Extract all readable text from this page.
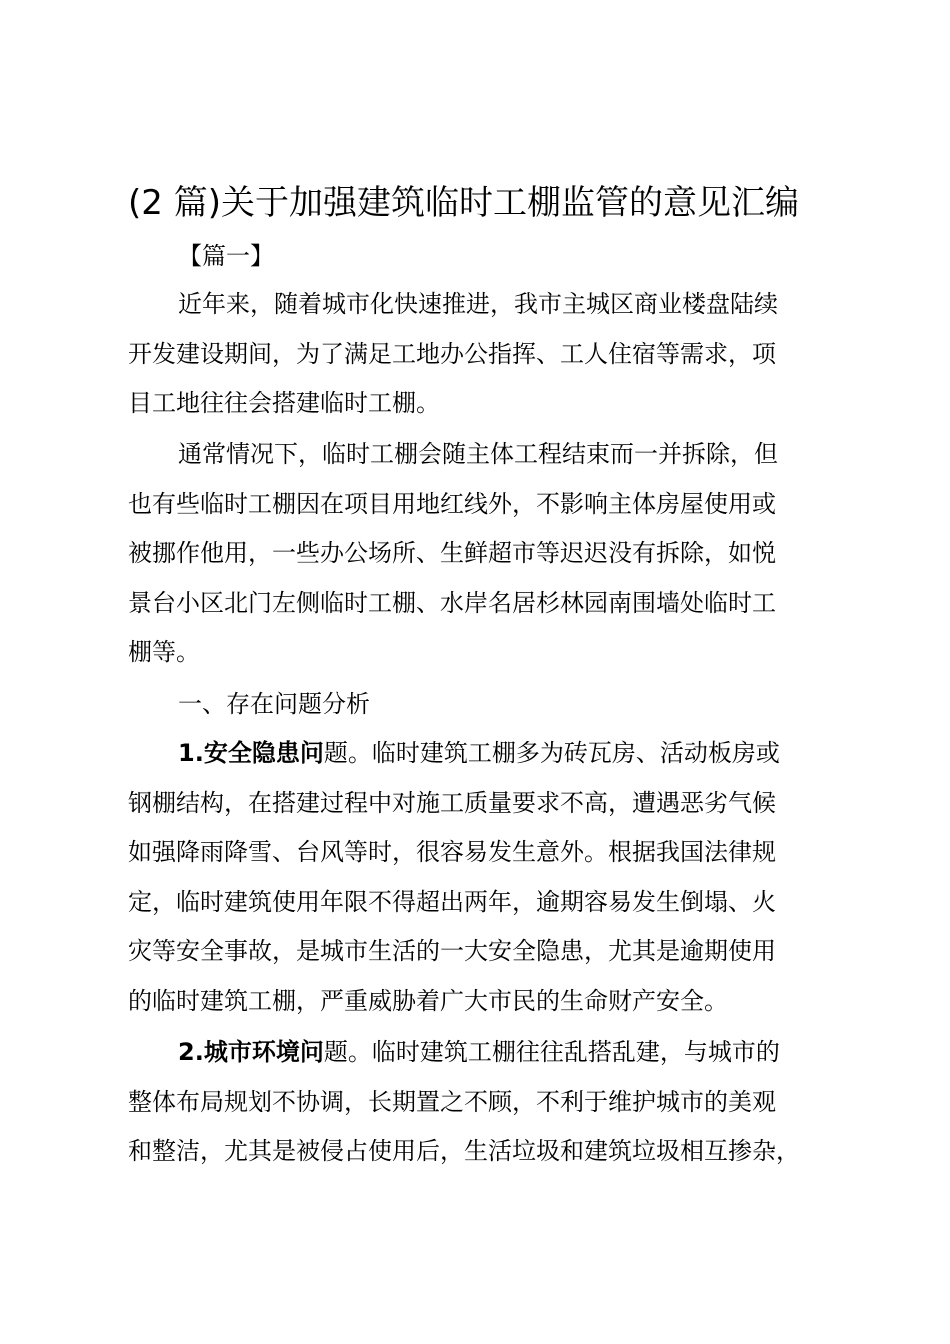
(2 篇)关于加强建筑临时工棚监管的意见汇编
【篇一】
近年来，随着城市化快速推进，我市主城区商业楼盘陆续
开发建设期间，为了满足工地办公指挥、工人住宿等需求，项
目工地往往会搭建临时工棚。
通常情况下，临时工棚会随主体工程结束而一并拆除，但
也有些临时工棚因在项目用地红线外，不影响主体房屋使用或
被挪作他用，一些办公场所、生鲜超市等迟迟没有拆除，如悦
景台小区北门左侧临时工棚、水岸名居杉林园南围墙处临时工
棚等。
一、存在问题分析
1.安全隐患问题。临时建筑工棚多为砖瓦房、活动板房或
钢棚结构，在搭建过程中对施工质量要求不高，遭遇恶劣气候
如强降雨降雪、台风等时，很容易发生意外。根据我国法律规
定，临时建筑使用年限不得超出两年，逾期容易发生倒塌、火
灾等安全事故，是城市生活的一大安全隐患，尤其是逾期使用
的临时建筑工棚，严重威胁着广大市民的生命财产安全。
2.城市环境问题。临时建筑工棚往往乱搭乱建，与城市的
整体布局规划不协调，长期置之不顾，不利于维护城市的美观
和整洁，尤其是被侵占使用后，生活垃圾和建筑垃圾相互掺杂，
